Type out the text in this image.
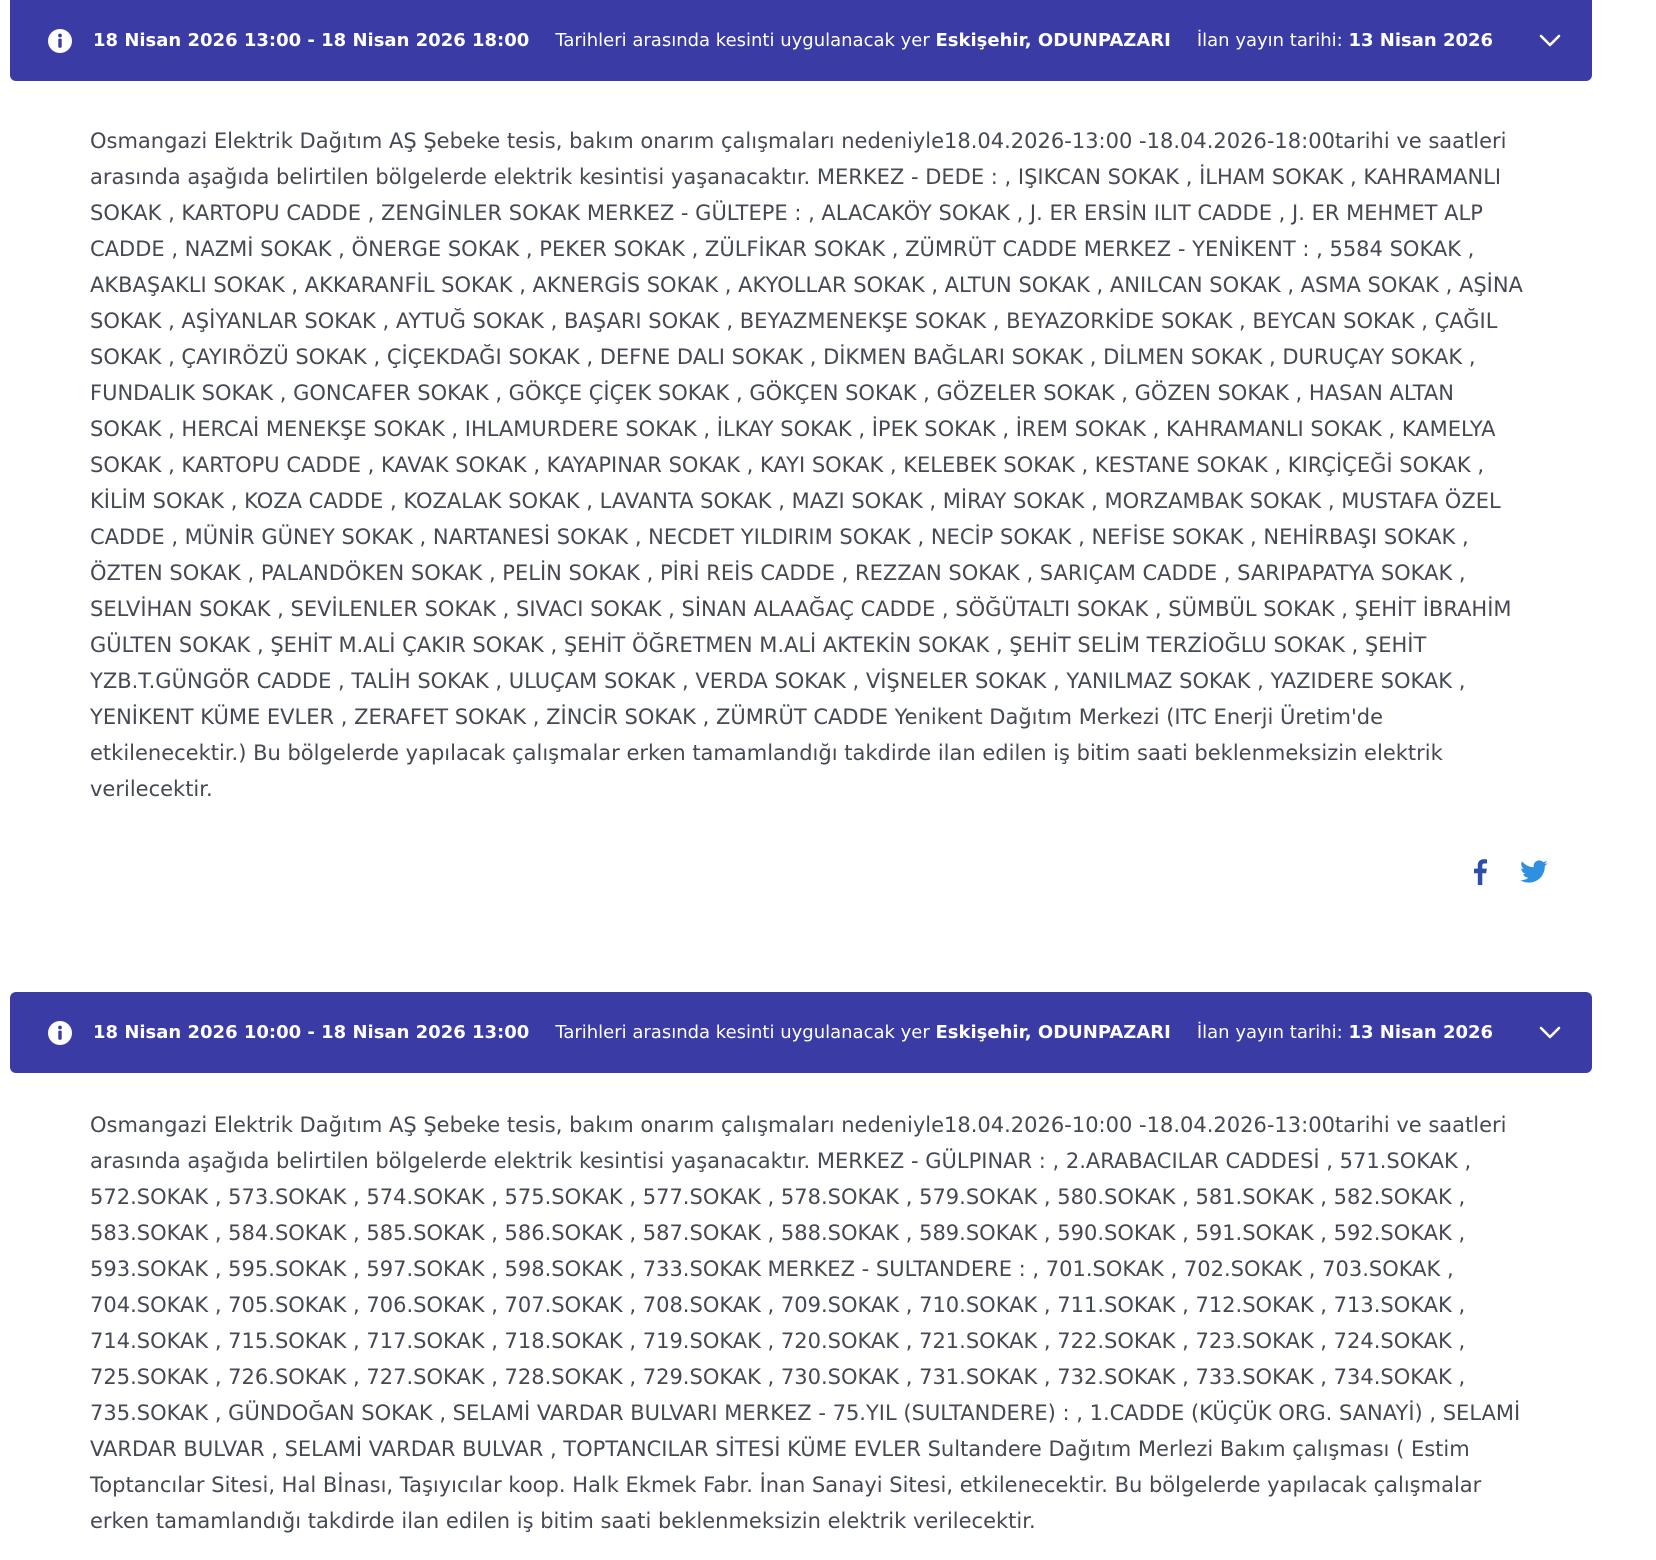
18 Nisan 2026 13:00 - 18 Nisan 2026 18:00 Tarihleri arasında kesinti uygulanacak yer Eskişehir, ODUNPAZARI İlan yayın tarihi: 13 Nisan 2026

Osmangazi Elektrik Dağıtım AŞ Şebeke tesis, bakım onarım çalışmaları nedeniyle18.04.2026-13:00 -18.04.2026-18:00tarihi ve saatleri arasında aşağıda belirtilen bölgelerde elektrik kesintisi yaşanacaktır. MERKEZ - DEDE : , IŞIKCAN SOKAK , İLHAM SOKAK , KAHRAMANLI SOKAK , KARTOPU CADDE , ZENGİNLER SOKAK MERKEZ - GÜLTEPE : , ALACAKÖY SOKAK , J. ER ERSİN ILIT CADDE , J. ER MEHMET ALP CADDE , NAZMİ SOKAK , ÖNERGE SOKAK , PEKER SOKAK , ZÜLFİKAR SOKAK , ZÜMRÜT CADDE MERKEZ - YENİKENT : , 5584 SOKAK , AKBAŞAKLI SOKAK , AKKARANFİL SOKAK , AKNERGİS SOKAK , AKYOLLAR SOKAK , ALTUN SOKAK , ANILCAN SOKAK , ASMA SOKAK , AŞİNA SOKAK , AŞİYANLAR SOKAK , AYTUĞ SOKAK , BAŞARI SOKAK , BEYAZMENEKŞE SOKAK , BEYAZORKİDE SOKAK , BEYCAN SOKAK , ÇAĞIL SOKAK , ÇAYIRÖZÜ SOKAK , ÇİÇEKDAĞI SOKAK , DEFNE DALI SOKAK , DİKMEN BAĞLARI SOKAK , DİLMEN SOKAK , DURUÇAY SOKAK , FUNDALIK SOKAK , GONCAFER SOKAK , GÖKÇE ÇİÇEK SOKAK , GÖKÇEN SOKAK , GÖZELER SOKAK , GÖZEN SOKAK , HASAN ALTAN SOKAK , HERCAİ MENEKŞE SOKAK , IHLAMURDERE SOKAK , İLKAY SOKAK , İPEK SOKAK , İREM SOKAK , KAHRAMANLI SOKAK , KAMELYA SOKAK , KARTOPU CADDE , KAVAK SOKAK , KAYAPINAR SOKAK , KAYI SOKAK , KELEBEK SOKAK , KESTANE SOKAK , KIRÇİÇEĞİ SOKAK , KİLİM SOKAK , KOZA CADDE , KOZALAK SOKAK , LAVANTA SOKAK , MAZI SOKAK , MİRAY SOKAK , MORZAMBAK SOKAK , MUSTAFA ÖZEL CADDE , MÜNİR GÜNEY SOKAK , NARTANESİ SOKAK , NECDET YILDIRIM SOKAK , NECİP SOKAK , NEFİSE SOKAK , NEHİRBAŞI SOKAK , ÖZTEN SOKAK , PALANDÖKEN SOKAK , PELİN SOKAK , PİRİ REİS CADDE , REZZAN SOKAK , SARIÇAM CADDE , SARIPAPATYA SOKAK , SELVİHAN SOKAK , SEVİLENLER SOKAK , SIVACI SOKAK , SİNAN ALAAĞAÇ CADDE , SÖĞÜTALTI SOKAK , SÜMBÜL SOKAK , ŞEHİT İBRAHİM GÜLTEN SOKAK , ŞEHİT M.ALİ ÇAKIR SOKAK , ŞEHİT ÖĞRETMEN M.ALİ AKTEKİN SOKAK , ŞEHİT SELİM TERZİOĞLU SOKAK , ŞEHİT YZB.T.GÜNGÖR CADDE , TALİH SOKAK , ULUÇAM SOKAK , VERDA SOKAK , VİŞNELER SOKAK , YANILMAZ SOKAK , YAZIDERE SOKAK , YENİKENT KÜME EVLER , ZERAFET SOKAK , ZİNCİR SOKAK , ZÜMRÜT CADDE Yenikent Dağıtım Merkezi (ITC Enerji Üretim'de etkilenecektir.) Bu bölgelerde yapılacak çalışmalar erken tamamlandığı takdirde ilan edilen iş bitim saati beklenmeksizin elektrik verilecektir.

18 Nisan 2026 10:00 - 18 Nisan 2026 13:00 Tarihleri arasında kesinti uygulanacak yer Eskişehir, ODUNPAZARI İlan yayın tarihi: 13 Nisan 2026

Osmangazi Elektrik Dağıtım AŞ Şebeke tesis, bakım onarım çalışmaları nedeniyle18.04.2026-10:00 -18.04.2026-13:00tarihi ve saatleri arasında aşağıda belirtilen bölgelerde elektrik kesintisi yaşanacaktır. MERKEZ - GÜLPINAR : , 2.ARABACILAR CADDESİ , 571.SOKAK , 572.SOKAK , 573.SOKAK , 574.SOKAK , 575.SOKAK , 577.SOKAK , 578.SOKAK , 579.SOKAK , 580.SOKAK , 581.SOKAK , 582.SOKAK , 583.SOKAK , 584.SOKAK , 585.SOKAK , 586.SOKAK , 587.SOKAK , 588.SOKAK , 589.SOKAK , 590.SOKAK , 591.SOKAK , 592.SOKAK , 593.SOKAK , 595.SOKAK , 597.SOKAK , 598.SOKAK , 733.SOKAK MERKEZ - SULTANDERE : , 701.SOKAK , 702.SOKAK , 703.SOKAK , 704.SOKAK , 705.SOKAK , 706.SOKAK , 707.SOKAK , 708.SOKAK , 709.SOKAK , 710.SOKAK , 711.SOKAK , 712.SOKAK , 713.SOKAK , 714.SOKAK , 715.SOKAK , 717.SOKAK , 718.SOKAK , 719.SOKAK , 720.SOKAK , 721.SOKAK , 722.SOKAK , 723.SOKAK , 724.SOKAK , 725.SOKAK , 726.SOKAK , 727.SOKAK , 728.SOKAK , 729.SOKAK , 730.SOKAK , 731.SOKAK , 732.SOKAK , 733.SOKAK , 734.SOKAK , 735.SOKAK , GÜNDOĞAN SOKAK , SELAMİ VARDAR BULVARI MERKEZ - 75.YIL (SULTANDERE) : , 1.CADDE (KÜÇÜK ORG. SANAYİ) , SELAMİ VARDAR BULVAR , SELAMİ VARDAR BULVAR , TOPTANCILAR SİTESİ KÜME EVLER Sultandere Dağıtım Merlezi Bakım çalışması ( Estim Toptancılar Sitesi, Hal Bİnası, Taşıyıcılar koop. Halk Ekmek Fabr. İnan Sanayi Sitesi, etkilenecektir. Bu bölgelerde yapılacak çalışmalar erken tamamlandığı takdirde ilan edilen iş bitim saati beklenmeksizin elektrik verilecektir.
